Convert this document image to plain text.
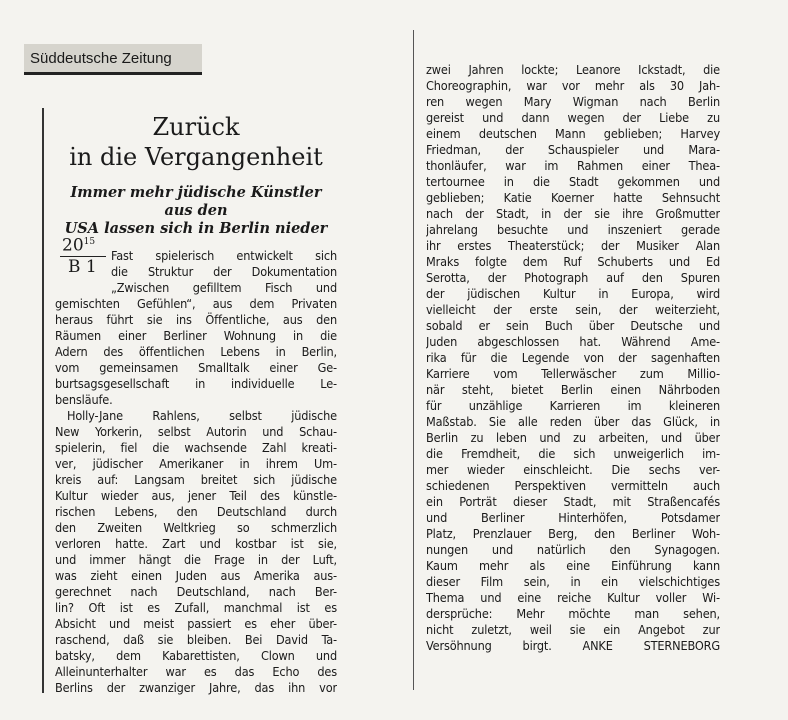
Süddeutsche Zeitung
Zurück
in die Vergangenheit
Immer mehr jüdische Künstler aus den
USA lassen sich in Berlin nieder
Fast spielerisch entwickelt sich
die Struktur der Dokumentation
„Zwischen gefilltem Fisch und
gemischten Gefühlen“, aus dem Privaten
heraus führt sie ins Öffentliche, aus den
Räumen einer Berliner Wohnung in die
Adern des öffentlichen Lebens in Berlin,
vom gemeinsamen Smalltalk einer Ge-
burtsagsgesellschaft in individuelle Le-
bensläufe.
Holly-Jane Rahlens, selbst jüdische
New Yorkerin, selbst Autorin und Schau-
spielerin, fiel die wachsende Zahl kreati-
ver, jüdischer Amerikaner in ihrem Um-
kreis auf: Langsam breitet sich jüdische
Kultur wieder aus, jener Teil des künstle-
rischen Lebens, den Deutschland durch
den Zweiten Weltkrieg so schmerzlich
verloren hatte. Zart und kostbar ist sie,
und immer hängt die Frage in der Luft,
was zieht einen Juden aus Amerika aus-
gerechnet nach Deutschland, nach Ber-
lin? Oft ist es Zufall, manchmal ist es
Absicht und meist passiert es eher über-
raschend, daß sie bleiben. Bei David Ta-
batsky, dem Kabarettisten, Clown und
Alleinunterhalter war es das Echo des
Berlins der zwanziger Jahre, das ihn vor
$20^{15}$
B 1
zwei Jahren lockte; Leanore Ickstadt, die
Choreographin, war vor mehr als 30 Jah-
ren wegen Mary Wigman nach Berlin
gereist und dann wegen der Liebe zu
einem deutschen Mann geblieben; Harvey
Friedman, der Schauspieler und Mara-
thonläufer, war im Rahmen einer Thea-
tertournee in die Stadt gekommen und
geblieben; Katie Koerner hatte Sehnsucht
nach der Stadt, in der sie ihre Großmutter
jahrelang besuchte und inszeniert gerade
ihr erstes Theaterstück; der Musiker Alan
Mraks folgte dem Ruf Schuberts und Ed
Serotta, der Photograph auf den Spuren
der jüdischen Kultur in Europa, wird
vielleicht der erste sein, der weiterzieht,
sobald er sein Buch über Deutsche und
Juden abgeschlossen hat. Während Ame-
rika für die Legende von der sagenhaften
Karriere vom Tellerwäscher zum Millio-
när steht, bietet Berlin einen Nährboden
für unzählige Karrieren im kleineren
Maßstab. Sie alle reden über das Glück, in
Berlin zu leben und zu arbeiten, und über
die Fremdheit, die sich unweigerlich im-
mer wieder einschleicht. Die sechs ver-
schiedenen Perspektiven vermitteln auch
ein Porträt dieser Stadt, mit Straßencafés
und Berliner Hinterhöfen, Potsdamer
Platz, Prenzlauer Berg, den Berliner Woh-
nungen und natürlich den Synagogen.
Kaum mehr als eine Einführung kann
dieser Film sein, in ein vielschichtiges
Thema und eine reiche Kultur voller Wi-
dersprüche: Mehr möchte man sehen,
nicht zuletzt, weil sie ein Angebot zur
Versöhnung birgt. ANKE STERNEBORG
